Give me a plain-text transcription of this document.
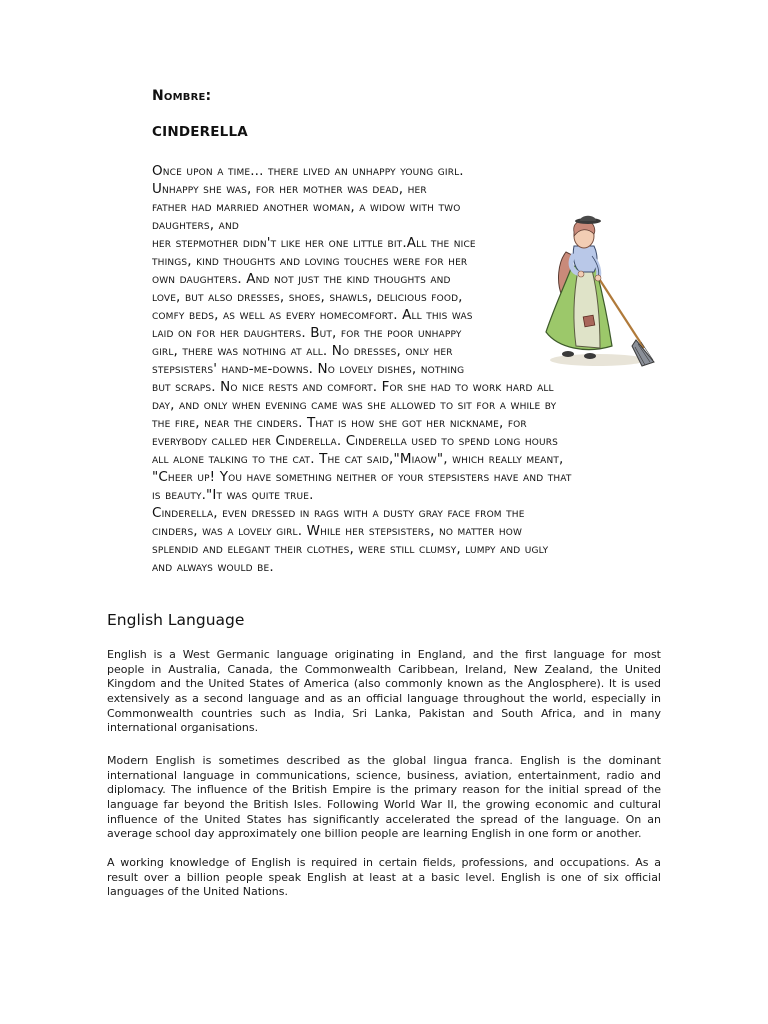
Nombre:
CINDERELLA
Once upon a time... there lived an unhappy young girl.
Unhappy she was, for her mother was dead, her
father had married another woman, a widow with two
daughters, and
her stepmother didn't like her one little bit.All the nice
things, kind thoughts and loving touches were for her
own daughters. And not just the kind thoughts and
love, but also dresses, shoes, shawls, delicious food,
comfy beds, as well as every homecomfort. All this was
laid on for her daughters. But, for the poor unhappy
girl, there was nothing at all. No dresses, only her
stepsisters' hand-me-downs. No lovely dishes, nothing
but scraps. No nice rests and comfort. For she had to work hard all
day, and only when evening came was she allowed to sit for a while by
the fire, near the cinders. That is how she got her nickname, for
everybody called her Cinderella. Cinderella used to spend long hours
all alone talking to the cat. The cat said,"Miaow", which really meant,
"Cheer up! You have something neither of your stepsisters have and that
is beauty."It was quite true.
Cinderella, even dressed in rags with a dusty gray face from the
cinders, was a lovely girl. While her stepsisters, no matter how
splendid and elegant their clothes, were still clumsy, lumpy and ugly
and always would be.
English Language
English is a West Germanic language originating in England, and the first language for most
people in Australia, Canada, the Commonwealth Caribbean, Ireland, New Zealand, the United
Kingdom and the United States of America (also commonly known as the Anglosphere). It is used
extensively as a second language and as an official language throughout the world, especially in
Commonwealth countries such as India, Sri Lanka, Pakistan and South Africa, and in many
international organisations.
Modern English is sometimes described as the global lingua franca. English is the dominant
international language in communications, science, business, aviation, entertainment, radio and
diplomacy. The influence of the British Empire is the primary reason for the initial spread of the
language far beyond the British Isles. Following World War II, the growing economic and cultural
influence of the United States has significantly accelerated the spread of the language. On an
average school day approximately one billion people are learning English in one form or another.
A working knowledge of English is required in certain fields, professions, and occupations. As a
result over a billion people speak English at least at a basic level. English is one of six official
languages of the United Nations.
